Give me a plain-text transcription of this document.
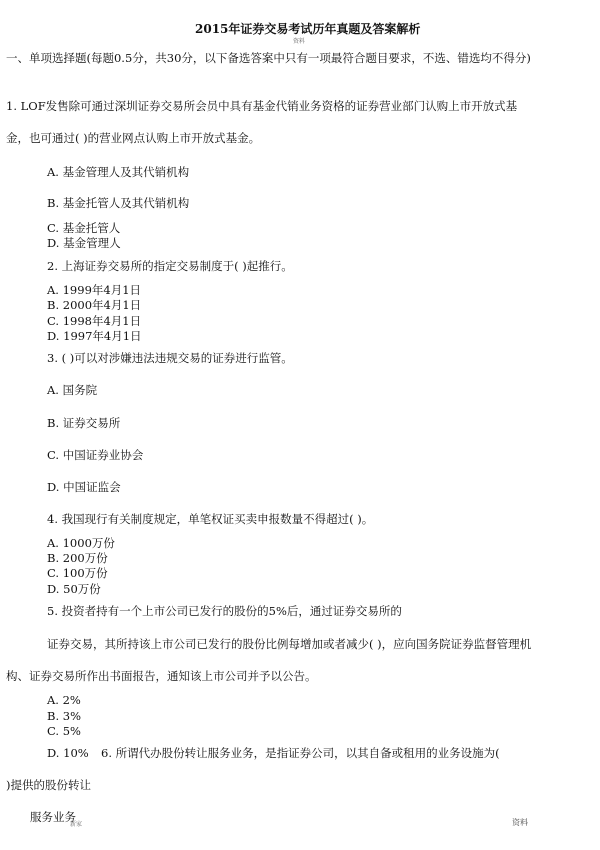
2015年证券交易考试历年真题及答案解析
资料
一、单项选择题(每题0.5分，共30分，以下备选答案中只有一项最符合题目要求，不选、错选均不得分)
1. LOF发售除可通过深圳证券交易所会员中具有基金代销业务资格的证券营业部门认购上市开放式基
金，也可通过( )的营业网点认购上市开放式基金。
A. 基金管理人及其代销机构
B. 基金托管人及其代销机构
C. 基金托管人
D. 基金管理人
2. 上海证券交易所的指定交易制度于( )起推行。
A. 1999年4月1日
B. 2000年4月1日
C. 1998年4月1日
D. 1997年4月1日
3. ( )可以对涉嫌违法违规交易的证券进行监管。
A. 国务院
B. 证券交易所
C. 中国证券业协会
D. 中国证监会
4. 我国现行有关制度规定，单笔权证买卖申报数量不得超过( )。
A. 1000万份
B. 200万份
C. 100万份
D. 50万份
5. 投资者持有一个上市公司已发行的股份的5%后，通过证券交易所的
证券交易，其所持该上市公司已发行的股份比例每增加或者减少( )，应向国务院证券监督管理机
构、证券交易所作出书面报告，通知该上市公司并予以公告。
A. 2%
B. 3%
C. 5%
D. 10% 6. 所谓代办股份转让服务业务，是指证券公司，以其自备或租用的业务设施为(
)提供的股份转让
服务业务
新家	资料
